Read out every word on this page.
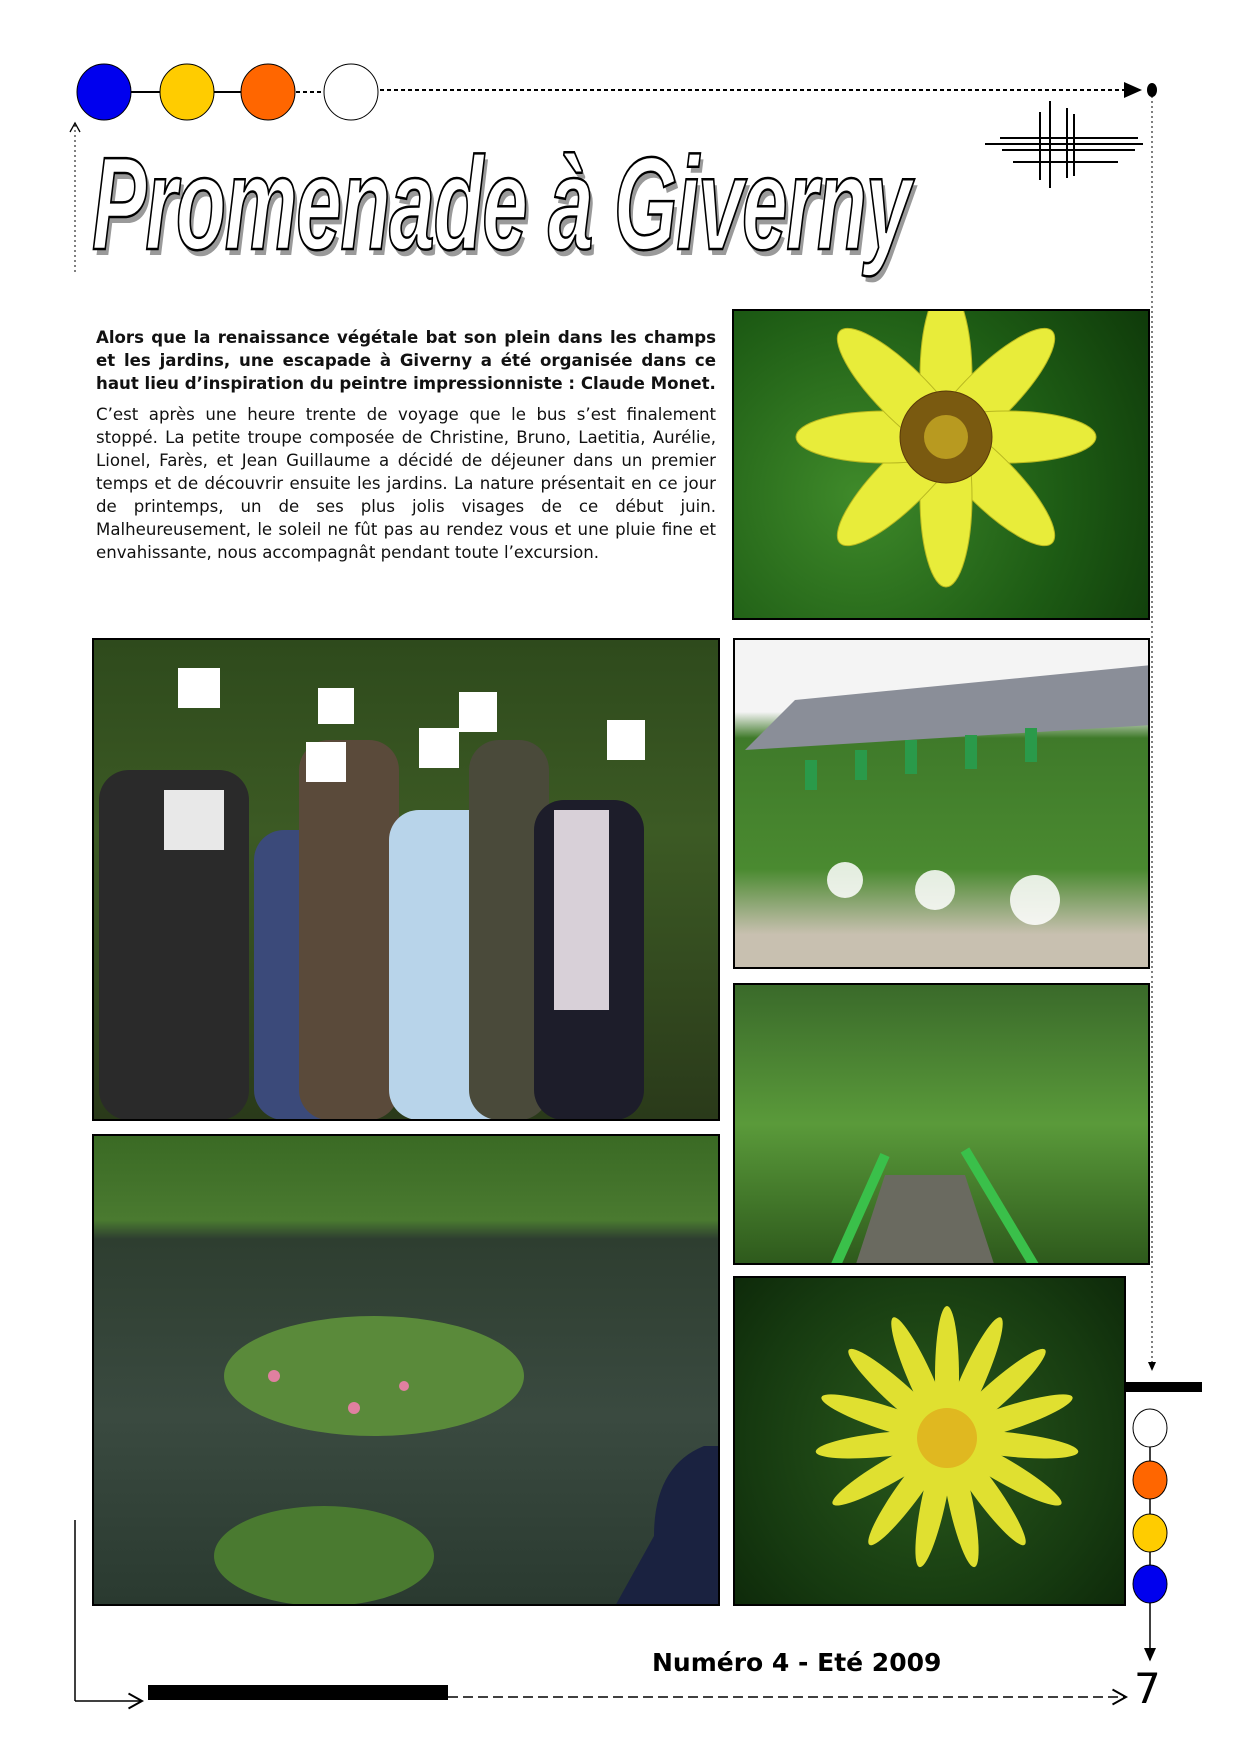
Promenade à Giverny

Alors que la renaissance végétale bat son plein dans les champs et les jardins, une escapade à Giverny a été organisée dans ce haut lieu d’inspiration du peintre impressionniste : Claude Monet.

C’est après une heure trente de voyage que le bus s’est finalement stoppé. La petite troupe composée de Christine, Bruno, Laetitia, Aurélie, Lionel, Farès, et Jean Guillaume a décidé de déjeuner dans un premier temps et de découvrir ensuite les jardins. La nature présentait en ce jour de printemps, un de ses plus jolis visages de ce début juin. Malheureusement, le soleil ne fût pas au rendez vous et une pluie fine et envahissante, nous accompagnât pendant toute l’excursion.

Numéro 4 - Eté 2009
7
